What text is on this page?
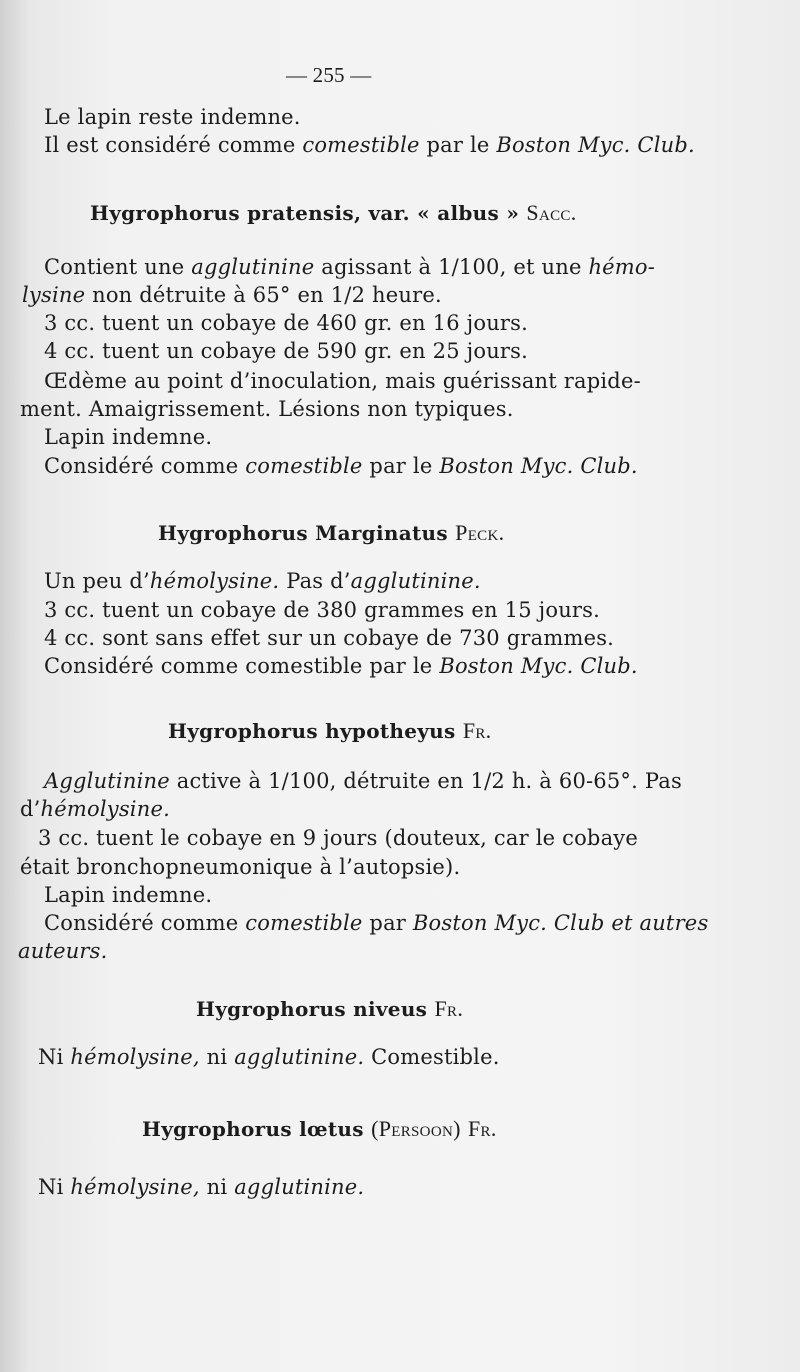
— 255 —
Le lapin reste indemne.
Il est considéré comme comestible par le Boston Myc. Club.
Hygrophorus pratensis, var. « albus » Sacc.
Contient une agglutinine agissant à 1/100, et une hémo-
lysine non détruite à 65° en 1/2 heure.
3 cc. tuent un cobaye de 460 gr. en 16 jours.
4 cc. tuent un cobaye de 590 gr. en 25 jours.
Œdème au point d’inoculation, mais guérissant rapide-
ment. Amaigrissement. Lésions non typiques.
Lapin indemne.
Considéré comme comestible par le Boston Myc. Club.
Hygrophorus Marginatus Peck.
Un peu d’hémolysine. Pas d’agglutinine.
3 cc. tuent un cobaye de 380 grammes en 15 jours.
4 cc. sont sans effet sur un cobaye de 730 grammes.
Considéré comme comestible par le Boston Myc. Club.
Hygrophorus hypotheyus Fr.
Agglutinine active à 1/100, détruite en 1/2 h. à 60-65°. Pas
d’hémolysine.
3 cc. tuent le cobaye en 9 jours (douteux, car le cobaye
était bronchopneumonique à l’autopsie).
Lapin indemne.
Considéré comme comestible par Boston Myc. Club et autres
auteurs.
Hygrophorus niveus Fr.
Ni hémolysine, ni agglutinine. Comestible.
Hygrophorus lœtus (Persoon) Fr.
Ni hémolysine, ni agglutinine.
